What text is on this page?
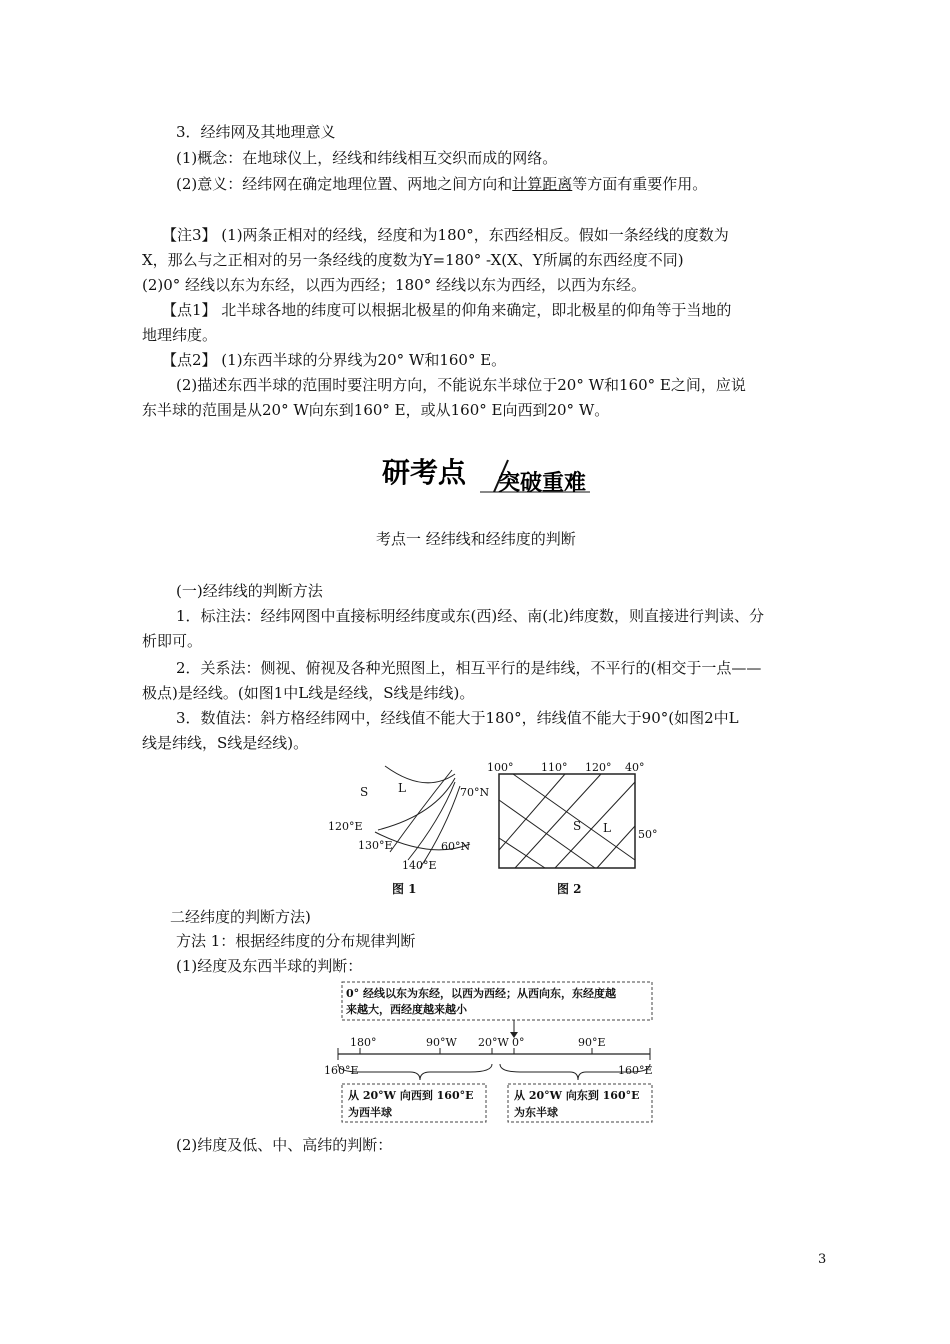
3．经纬网及其地理意义
(1)概念：在地球仪上，经线和纬线相互交织而成的网络。
(2)意义：经纬网在确定地理位置、两地之间方向和计算距离等方面有重要作用。
【注3】 (1)两条正相对的经线，经度和为180°，东西经相反。假如一条经线的度数为
X，那么与之正相对的另一条经线的度数为Y=180° -X(X、Y所属的东西经度不同)
(2)0° 经线以东为东经，以西为西经；180° 经线以东为西经，以西为东经。
【点1】 北半球各地的纬度可以根据北极星的仰角来确定，即北极星的仰角等于当地的
地理纬度。
【点2】 (1)东西半球的分界线为20° W和160° E。
(2)描述东西半球的范围时要注明方向，不能说东半球位于20° W和160° E之间，应说
东半球的范围是从20° W向东到160° E，或从160° E向西到20° W。
研考点 突破重难
考点一 经纬线和经纬度的判断
(一)经纬线的判断方法
1．标注法：经纬网图中直接标明经纬度或东(西)经、南(北)纬度数，则直接进行判读、分
析即可。
2．关系法：侧视、俯视及各种光照图上，相互平行的是纬线，不平行的(相交于一点——
极点)是经线。(如图1中L线是经线，S线是纬线)。
3．数值法：斜方格经纬网中，经线值不能大于180°，纬线值不能大于90°(如图2中L
线是纬线，S线是经线)。
S L	70°N
120°E
130°E	60°N
140°E
图 1
100°	110° 120° 40°
50°
S L
图 2
二经纬度的判断方法)
方法 1：根据经纬度的分布规律判断
(1)经度及东西半球的判断：
0° 经线以东为东经，以西为西经；从西向东，东经度越
来越大，西经度越来越小
180°	90°W 20°W 0°	90°E
160°E	160°E
从 20°W 向西到 160°E
为西半球
从 20°W 向东到 160°E
为东半球
(2)纬度及低、中、高纬的判断：
3
